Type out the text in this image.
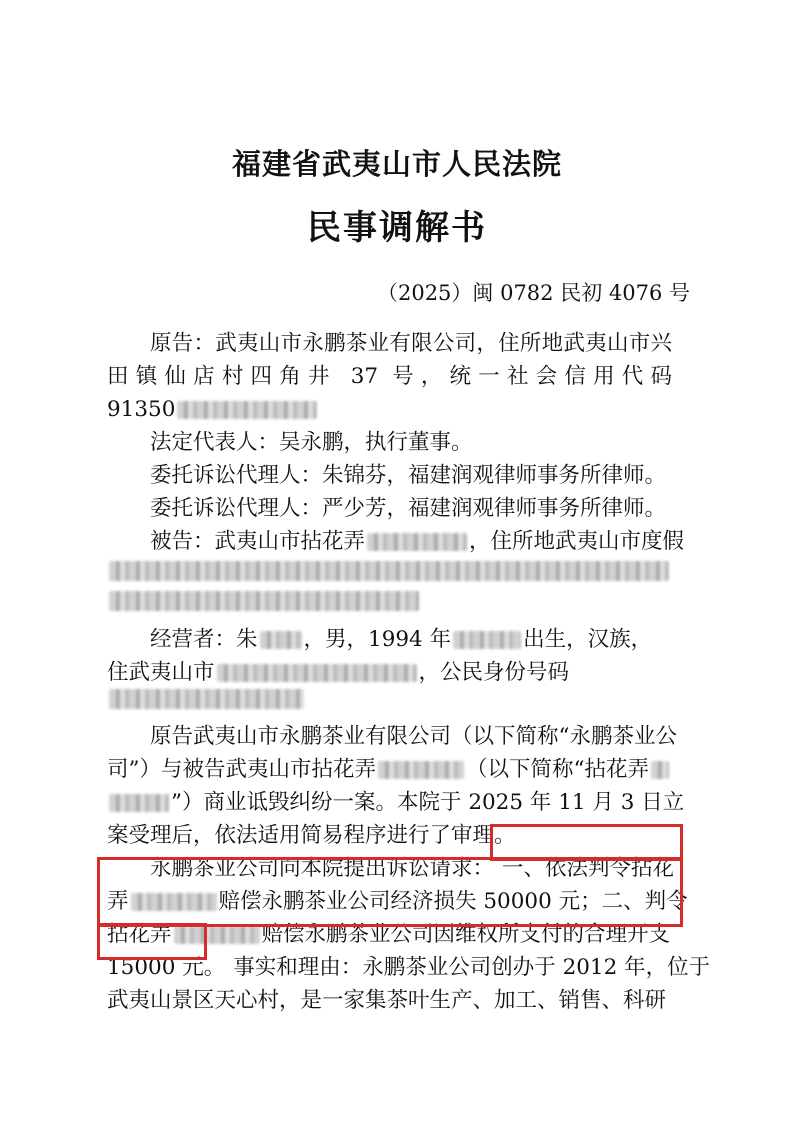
福建省武夷山市人民法院
民事调解书
（2025）闽 0782 民初 4076 号
原告：武夷山市永鹏茶业有限公司，住所地武夷山市兴
田镇仙店村四角井 37 号，统一社会信用代码
91350
法定代表人：吴永鹏，执行董事。
委托诉讼代理人：朱锦芬，福建润观律师事务所律师。
委托诉讼代理人：严少芳，福建润观律师事务所律师。
被告：武夷山市拈花弄	，住所地武夷山市度假
经营者：朱 ，男，1994 年	出生，汉族，
住武夷山市	，公民身份号码
原告武夷山市永鹏茶业有限公司（以下简称“永鹏茶业公
司”）与被告武夷山市拈花弄	（以下简称“拈花弄
”）商业诋毁纠纷一案。本院于 2025 年 11 月 3 日立
案受理后，依法适用简易程序进行了审理。
永鹏茶业公司向本院提出诉讼请求： 一、依法判令拈花
弄	赔偿永鹏茶业公司经济损失 50000 元；二、判令
拈花弄	赔偿永鹏茶业公司因维权所支付的合理开支
15000 元。 事实和理由：永鹏茶业公司创办于 2012 年，位于
武夷山景区天心村，是一家集茶叶生产、加工、销售、科研
